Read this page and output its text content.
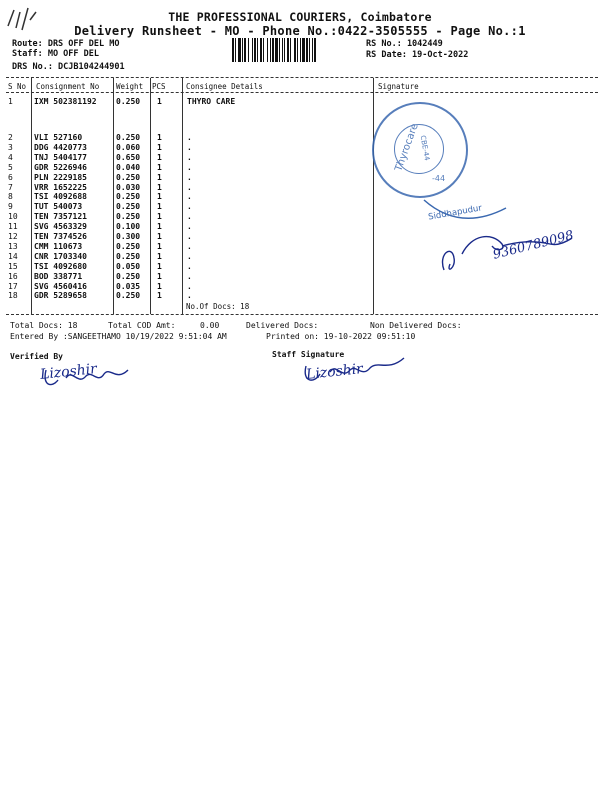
THE PROFESSIONAL COURIERS, Coimbatore
Delivery Runsheet - MO - Phone No.:0422-3505555 - Page No.:1
Route: DRS OFF DEL MO
Staff: MO OFF DEL
DRS No.: DCJB104244901
RS No.: 1042449
RS Date: 19-Oct-2022
S No Consignment No Weight PCS	Consignee Details	Signature
1	IXM 502381192 0.250 1	THYRO CARE
2	VLI 527160	0.250 1	.
3	DDG 4420773	0.060 1	.
4	TNJ 5404177	0.650 1	.
5	GDR 5226946	0.040 1	.
6	PLN 2229185	0.250 1	.
7	VRR 1652225	0.030 1	.
8	TSI 4092688	0.250 1	.
9	TUT 540073	0.250 1	.
10 TEN 7357121	0.250 1	.
11 SVG 4563329	0.100 1	.
12 TEN 7374526	0.300 1	.
13 CMM 110673	0.250 1	.
14 CNR 1703340	0.250 1	.
15 TSI 4092680	0.050 1	.
16 BOD 338771	0.250 1	.
17 SVG 4560416	0.035 1	.
18 GDR 5289658	0.250 1	.
No.Of Docs: 18
Total Docs: 18	Total COD Amt:	0.00	Delivered Docs:	Non Delivered Docs:
Entered By :SANGEETHAMO 10/19/2022 9:51:04 AM	Printed on: 19-10-2022 09:51:10
Verified By	Staff Signature
Thyrocare
CBE-44
-44
Siddhapudur
9360789098
Lizoshir	Lizoshir
